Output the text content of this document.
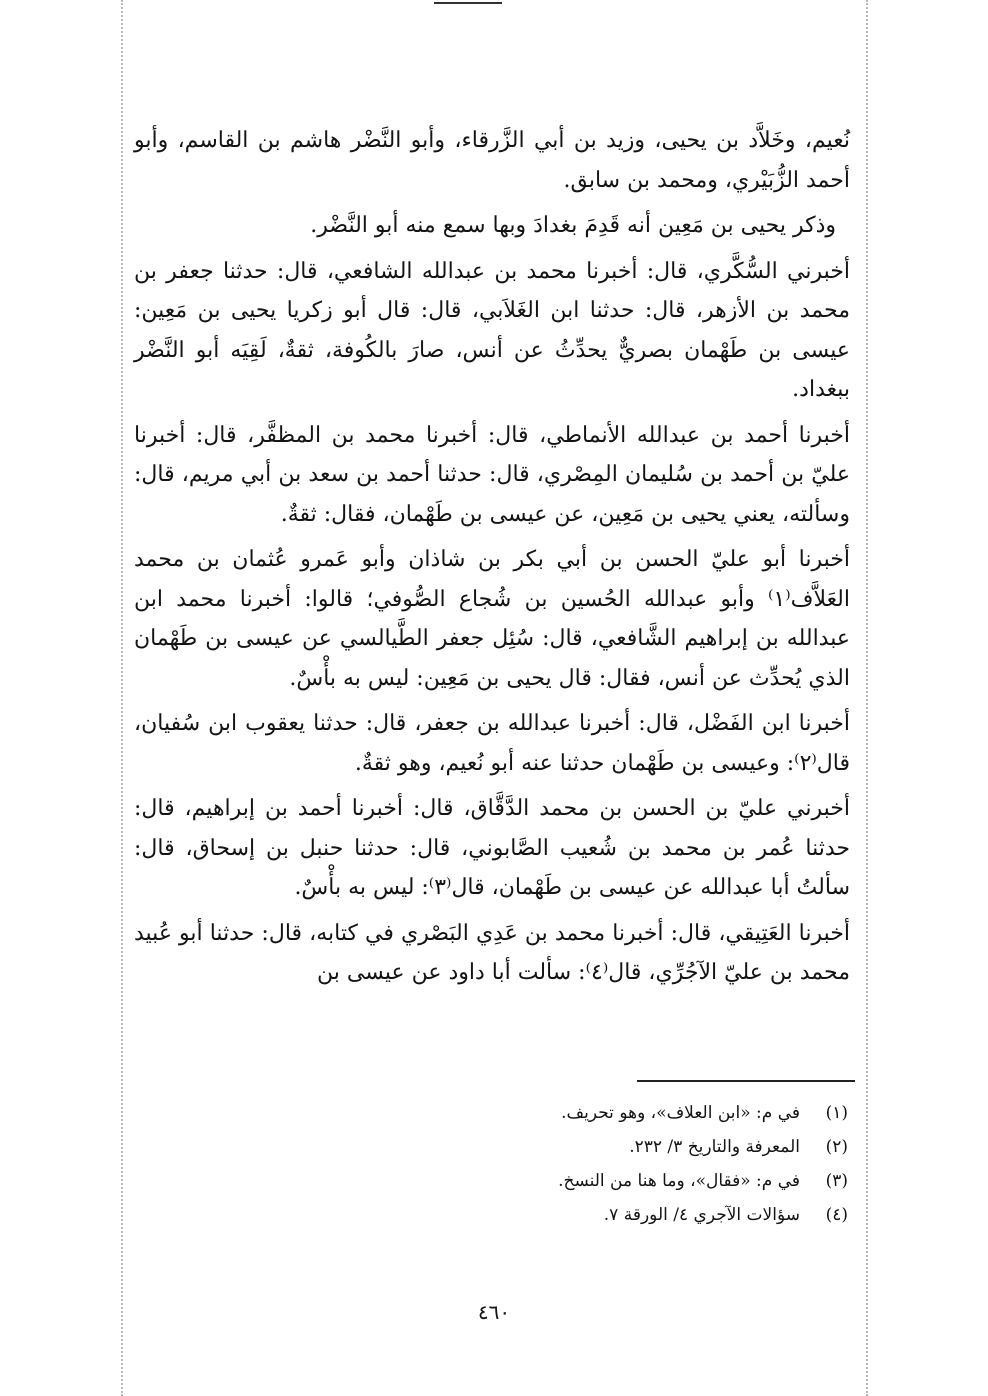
نُعيم، وخَلاَّد بن يحيى، وزيد بن أبي الزَّرقاء، وأبو النَّضْر هاشم بن القاسم، وأبو أحمد الزُّبَيْري، ومحمد بن سابق.

وذكر يحيى بن مَعِين أنه قَدِمَ بغدادَ وبها سمع منه أبو النَّضْر.

أخبرني السُّكَّري، قال: أخبرنا محمد بن عبدالله الشافعي، قال: حدثنا جعفر بن محمد بن الأزهر، قال: حدثنا ابن الغَلاَبي، قال: قال أبو زكريا يحيى بن مَعِين: عيسى بن طَهْمان بصريٌّ يحدِّثُ عن أنس، صارَ بالكُوفة، ثقةٌ، لَقِيَه أبو النَّضْر ببغداد.

أخبرنا أحمد بن عبدالله الأنماطي، قال: أخبرنا محمد بن المظفَّر، قال: أخبرنا عليّ بن أحمد بن سُليمان المِصْري، قال: حدثنا أحمد بن سعد بن أبي مريم، قال: وسألته، يعني يحيى بن مَعِين، عن عيسى بن طَهْمان، فقال: ثقةٌ.

أخبرنا أبو عليّ الحسن بن أبي بكر بن شاذان وأبو عَمرو عُثمان بن محمد العَلاَّف⁽١⁾ وأبو عبدالله الحُسين بن شُجاع الصُّوفي؛ قالوا: أخبرنا محمد ابن عبدالله بن إبراهيم الشَّافعي، قال: سُئِل جعفر الطَّيالسي عن عيسى بن طَهْمان الذي يُحدِّث عن أنس، فقال: قال يحيى بن مَعِين: ليس به بأْسٌ.

أخبرنا ابن الفَضْل، قال: أخبرنا عبدالله بن جعفر، قال: حدثنا يعقوب ابن سُفيان، قال⁽٢⁾: وعيسى بن طَهْمان حدثنا عنه أبو نُعيم، وهو ثقةٌ.

أخبرني عليّ بن الحسن بن محمد الدَّقَّاق، قال: أخبرنا أحمد بن إبراهيم، قال: حدثنا عُمر بن محمد بن شُعيب الصَّابوني، قال: حدثنا حنبل بن إسحاق، قال: سألتُ أبا عبدالله عن عيسى بن طَهْمان، قال⁽٣⁾: ليس به بأْسٌ.

أخبرنا العَتِيقي، قال: أخبرنا محمد بن عَدِي البَصْري في كتابه، قال: حدثنا أبو عُبيد محمد بن عليّ الآجُرِّي، قال⁽٤⁾: سألت أبا داود عن عيسى بن

(١)
في م: «ابن العلاف»، وهو تحريف.
(٢)
المعرفة والتاريخ ٣/ ٢٣٢.
(٣)
في م: «فقال»، وما هنا من النسخ.
(٤)
سؤالات الآجري ٤/ الورقة ٧.
٤٦٠
